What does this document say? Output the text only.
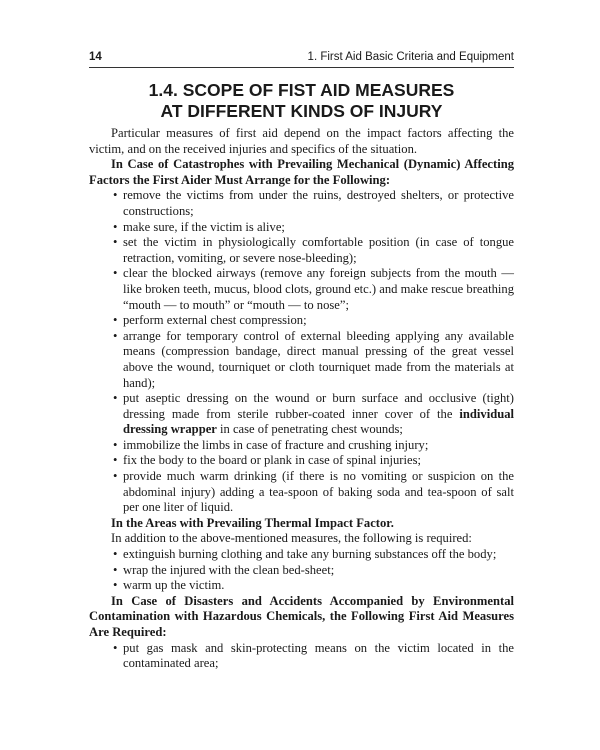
14	1. First Aid Basic Criteria and Equipment
1.4. SCOPE OF FIST AID MEASURES
AT DIFFERENT KINDS OF INJURY

Particular measures of first aid depend on the impact factors affecting the victim, and on the received injuries and specifics of the situation.

In Case of Catastrophes with Prevailing Mechanical (Dynamic) Affecting Factors the First Aider Must Arrange for the Following:

• remove the victims from under the ruins, destroyed shelters, or protective constructions;
• make sure, if the victim is alive;
• set the victim in physiologically comfortable position (in case of tongue retraction, vomiting, or severe nose-bleeding);
• clear the blocked airways (remove any foreign subjects from the mouth — like broken teeth, mucus, blood clots, ground etc.) and make rescue breathing “mouth — to mouth” or “mouth — to nose”;
• perform external chest compression;
• arrange for temporary control of external bleeding applying any available means (compression bandage, direct manual pressing of the great vessel above the wound, tourniquet or cloth tourniquet made from the materials at hand);
• put aseptic dressing on the wound or burn surface and occlusive (tight) dressing made from sterile rubber-coated inner cover of the individual dressing wrapper in case of penetrating chest wounds;
• immobilize the limbs in case of fracture and crushing injury;
• fix the body to the board or plank in case of spinal injuries;
• provide much warm drinking (if there is no vomiting or suspicion on the abdominal injury) adding a tea-spoon of baking soda and tea-spoon of salt per one liter of liquid.

In the Areas with Prevailing Thermal Impact Factor.

In addition to the above-mentioned measures, the following is required:

• extinguish burning clothing and take any burning substances off the body;
• wrap the injured with the clean bed-sheet;
• warm up the victim.

In Case of Disasters and Accidents Accompanied by Environmental Contamination with Hazardous Chemicals, the Following First Aid Measures Are Required:

• put gas mask and skin-protecting means on the victim located in the contaminated area;
